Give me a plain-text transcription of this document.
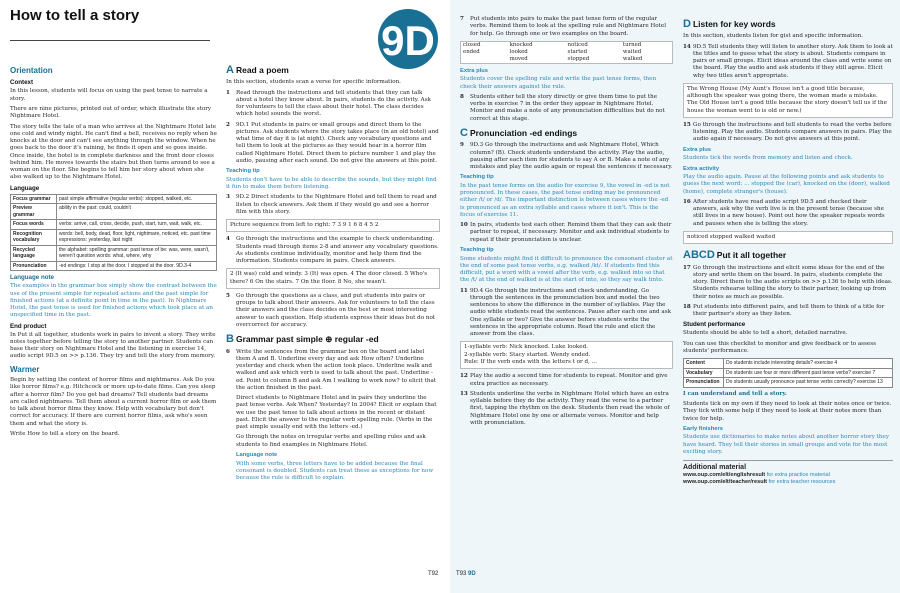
How to tell a story
9D
Orientation
Context

In this lesson, students will focus on using the past tense to narrate a story.

There are nine pictures, printed out of order, which illustrate the story Nightmare Hotel.

The story tells the tale of a man who arrives at the Nightmare Hotel late one cold and windy night. He can't find a bell, receives no reply when he knocks at the door and can't see anything through the window. When he goes back to the door it's raining, he finds it open and so goes inside. Once inside, the hotel is in complete darkness and the front door closes behind him. He moves towards the stairs but then turns around to see a woman on the floor. She begins to tell him her story about when she also walked up to the Nightmare Hotel.

Language
Focus grammar	past simple affirmative (regular verbs): stopped, walked, etc.
Preview grammar	ability in the past: could, couldn't
Focus words	verbs: arrive, call, cross, decide, push, start, turn, wait, walk, etc.
Recognition vocabulary	words: bell, body, dead, floor, light, nightmare, noticed, etc. past time expressions: yesterday, last night
Recycled language	the alphabet: spelling grammar: past tense of be: was, were, wasn't, weren't question words: what, where, why
Pronunciation	-ed endings: I stop at the door. I stopped at the door. 9D.3-4
Language note

The examples in the grammar box simply show the contrast between the use of the present simple for repeated actions and the past simple for finished actions (at a definite point in time in the past). In Nightmare Hotel, the past tense is used for finished actions which took place at an unspecified time in the past.

End product

In Put it all together, students work in pairs to invent a story. They write notes together before telling the story to another partner. Students can base their story on Nightmare Hotel and the listening in exercise 14, audio script 9D.5 on >> p.136. They try and tell the story from memory.

Warmer

Begin by setting the context of horror films and nightmares. Ask Do you like horror films? e.g. Hitchcock or more up-to-date films. Can you sleep after a horror film? Do you get bad dreams? Tell students bad dreams are called nightmares. Tell them about a current horror film or ask them to talk about horror films they know. Help with vocabulary but don't correct for accuracy. If there are current horror films, ask who's seen them and what the story is.

Write How to tell a story on the board.

A Read a poem

In this section, students scan a verse for specific information.

1	Read through the instructions and tell students that they can talk about a hotel they know about. In pairs, students do the activity. Ask for volunteers to tell the class about their hotel. The class decides which hotel sounds the worst.
2	9D.1 Put students in pairs or small groups and direct them to the pictures. Ask students where the story takes place (in an old hotel) and what time of day it is (at night). Check any vocabulary questions and tell them to look at the pictures as they would hear in a horror film called Nightmare Hotel. Direct them to picture number 1 and play the audio, pausing after each sound. Do not give the answers at this point.
Teaching tip

Students don't have to be able to describe the sounds, but they might find it fun to make them before listening.

3	9D.2 Direct students to the Nightmare Hotel and tell them to read and listen to check answers. Ask them if they would go and see a horror film with this story.
Picture sequence from left to right: 7 3 9 1 6 8 4 5 2
4	Go through the instructions and the example to check understanding. Students read through items 2-8 and answer any vocabulary questions. As students continue individually, monitor and help them find the information. Students compare in pairs. Check answers.
2 (It was) cold and windy. 3 (It) was open. 4 The door closed. 5 Who's there? 6 On the stairs. 7 On the floor. 8 No, she wasn't.
5	Go through the questions as a class, and put students into pairs or groups to talk about their answers. Ask for volunteers to tell the class their answers and the class decides on the best or most interesting answer to each question. Help students express their ideas but do not overcorrect for accuracy.
B Grammar past simple ⊕ regular -ed
6	Write the sentences from the grammar box on the board and label them A and B. Underline every day and ask How often? Underline yesterday and check when the action took place. Underline walk and walked and ask which verb is used to talk about the past. Underline -ed. Point to column B and ask Am I walking to work now? to elicit that the action finished in the past.

Direct students to Nightmare Hotel and in pairs they underline the past tense verbs. Ask When? Yesterday? In 2004? Elicit or explain that we use the past tense to talk about actions in the recent or distant past. Elicit the answer to the regular verb spelling rule. (Verbs in the past simple usually end with the letters -ed.)

Go through the notes on irregular verbs and spelling rules and ask students to find examples in Nightmare Hotel.

Language note

With some verbs, three letters have to be added because the final consonant is doubled. Students can treat these as exceptions for now because the rule is difficult to explain.

T92
7	Put students into pairs to make the past tense form of the regular verbs. Remind them to look at the spelling rule and Nightmare Hotel for help. Go through one or two examples on the board.
closed	knocked	noticed	turned
ended	looked	started	waited
	moved	stopped	walked
Extra plus

Students cover the spelling rule and write the past tense forms, then check their answers against the rule.

8	Students either tell the story directly or give them time to put the verbs in exercise 7 in the order they appear in Nightmare Hotel. Monitor and make a note of any pronunciation difficulties but do not correct at this stage.
C Pronunciation -ed endings
9	9D.3 Go through the instructions and ask Nightmare Hotel, Which column? (B). Check students understand the activity. Play the audio, pausing after each item for students to say A or B. Make a note of any mistakes and play the audio again or repeat the sentences if necessary.
Teaching tip

In the past tense forms on the audio for exercise 9, the vowel in -ed is not pronounced. In these cases, the past tense ending may be pronounced either /t/ or /d/. The important distinction is between cases where the -ed is pronounced as an extra syllable and cases where it isn't. This is the focus of exercise 11.

10 In pairs, students test each other. Remind them that they can ask their partner to repeat, if necessary. Monitor and ask individual students to repeat if their pronunciation is unclear.
Teaching tip

Some students might find it difficult to pronounce the consonant cluster at the end of some past tense verbs, e.g. walked /kt/. If students find this difficult, put a word with a vowel after the verb, e.g. walked into so that the /t/ at the end of walked is at the start of into, so they say walk tinto.

11 9D.4 Go through the instructions and check understanding. Go through the sentences in the pronunciation box and model the two sentences to show the difference in the number of syllables. Play the audio while students read the sentences. Pause after each one and ask One syllable or two? Give the answer before students write the sentences in the appropriate column. Read the rule and elicit the answer from the class.
1-syllable verb: Nick knocked. Luke looked.
2-syllable verb: Stacy started. Wendy ended.
Rule: If the verb ends with the letters t or d, ...
12 Play the audio a second time for students to repeat. Monitor and give extra practice as necessary.
13 Students underline the verbs in Nightmare Hotel which have an extra syllable before they do the activity. They read the verse to a partner first, tapping the rhythm on the desk. Students then read the whole of Nightmare Hotel one by one or alternate verses. Monitor and help with pronunciation.
D Listen for key words

In this section, students listen for gist and specific information.

14 9D.5 Tell students they will listen to another story. Ask them to look at the titles and to guess what the story is about. Students compare in pairs or small groups. Elicit ideas around the class and write some on the board. Play the audio and ask students if they still agree. Elicit why two titles aren't appropriate.
The Wrong House (My Aunt's House isn't a good title because, although the speaker was going there, the woman made a mistake. The Old House isn't a good title because the story doesn't tell us if the house the woman went to is old or new.)
15 Go through the instructions and tell students to read the verbs before listening. Play the audio. Students compare answers in pairs. Play the audio again if necessary. Do not give answers at this point.
Extra plus

Students tick the words from memory and listen and check.

Extra activity

Play the audio again. Pause at the following points and ask students to guess the next word: ... stopped the (car), knocked on the (door), walked (home), complete stranger's (house).

16 After students have read audio script 9D.5 and checked their answers, ask why the verb live is in the present tense (because she still lives in a new house). Point out how the speaker repeats words and pauses when she is telling the story.
noticed stopped walked waited
ABCD Put it all together
17 Go through the instructions and elicit some ideas for the end of the story and write them on the board. In pairs, students complete the story. Direct them to the audio scripts on >> p.136 to help with ideas. Students rehearse telling the story to their partner, looking up from their notes as much as possible.
18 Put students into different pairs, and tell them to think of a title for their partner's story as they listen.
Student performance

Students should be able to tell a short, detailed narrative.

You can use this checklist to monitor and give feedback or to assess students' performance.

Content	Do students include interesting details? exercise 4
Vocabulary	Do students use four or more different past tense verbs? exercise 7
Pronunciation	Do students usually pronounce past tense verbs correctly? exercise 13

I can understand and tell a story.

Students tick on my own if they need to look at their notes once or twice. They tick with some help if they need to look at their notes more than twice for help.

Early finishers

Students use dictionaries to make notes about another horror story they have heard. They tell their stories in small groups and vote for the most exciting story.

Additional material
www.oup.com/elt/englishresult for extra practice material
www.oup.com/elt/teacher/result for extra teacher resources
T93 9D
